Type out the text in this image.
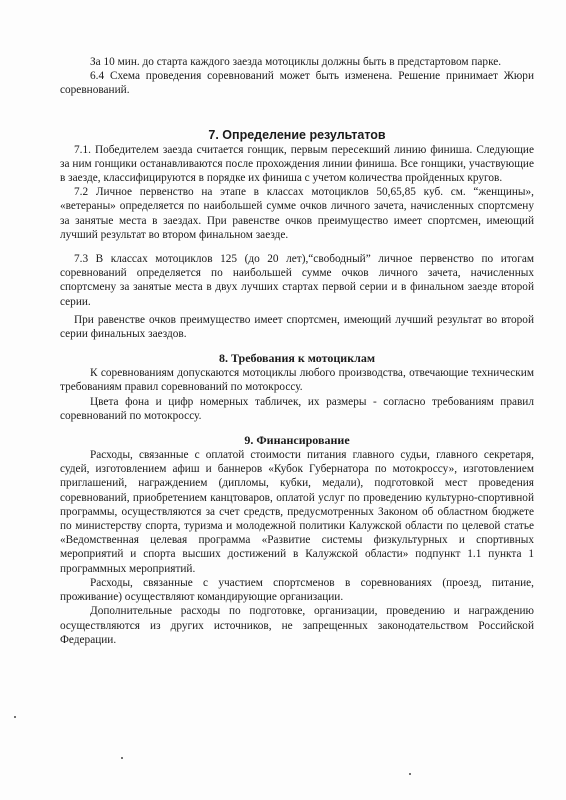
За 10 мин. до старта каждого заезда мотоциклы должны быть в предстартовом парке.

6.4 Схема проведения соревнований может быть изменена. Решение принимает Жюри соревнований.

7. Определение результатов

7.1. Победителем заезда считается гонщик, первым пересекший линию финиша. Следующие за ним гонщики останавливаются после прохождения линии финиша. Все гонщики, участвующие в заезде, классифицируются в порядке их финиша с учетом количества пройденных кругов.

7.2 Личное первенство на этапе в классах мотоциклов 50,65,85 куб. см. “женщины», «ветераны» определяется по наибольшей сумме очков личного зачета, начисленных спортсмену за занятые места в заездах. При равенстве очков преимущество имеет спортсмен, имеющий лучший результат во втором финальном заезде.

7.3 В классах мотоциклов 125 (до 20 лет),“свободный” личное первенство по итогам соревнований определяется по наибольшей сумме очков личного зачета, начисленных спортсмену за занятые места в двух лучших стартах первой серии и в финальном заезде второй серии.

При равенстве очков преимущество имеет спортсмен, имеющий лучший результат во второй серии финальных заездов.

8. Требования к мотоциклам

К соревнованиям допускаются мотоциклы любого производства, отвечающие техническим требованиям правил соревнований по мотокроссу.

Цвета фона и цифр номерных табличек, их размеры - согласно требованиям правил соревнований по мотокроссу.

9. Финансирование

Расходы, связанные с оплатой стоимости питания главного судьи, главного секретаря, судей, изготовлением афиш и баннеров «Кубок Губернатора по мотокроссу», изготовлением приглашений, награждением (дипломы, кубки, медали), подготовкой мест проведения соревнований, приобретением канцтоваров, оплатой услуг по проведению культурно-спортивной программы, осуществляются за счет средств, предусмотренных Законом об областном бюджете по министерству спорта, туризма и молодежной политики Калужской области по целевой статье «Ведомственная целевая программа «Развитие системы физкультурных и спортивных мероприятий и спорта высших достижений в Калужской области» подпункт 1.1 пункта 1 программных мероприятий.

Расходы, связанные с участием спортсменов в соревнованиях (проезд, питание, проживание) осуществляют командирующие организации.

Дополнительные расходы по подготовке, организации, проведению и награждению осуществляются из других источников, не запрещенных законодательством Российской Федерации.
